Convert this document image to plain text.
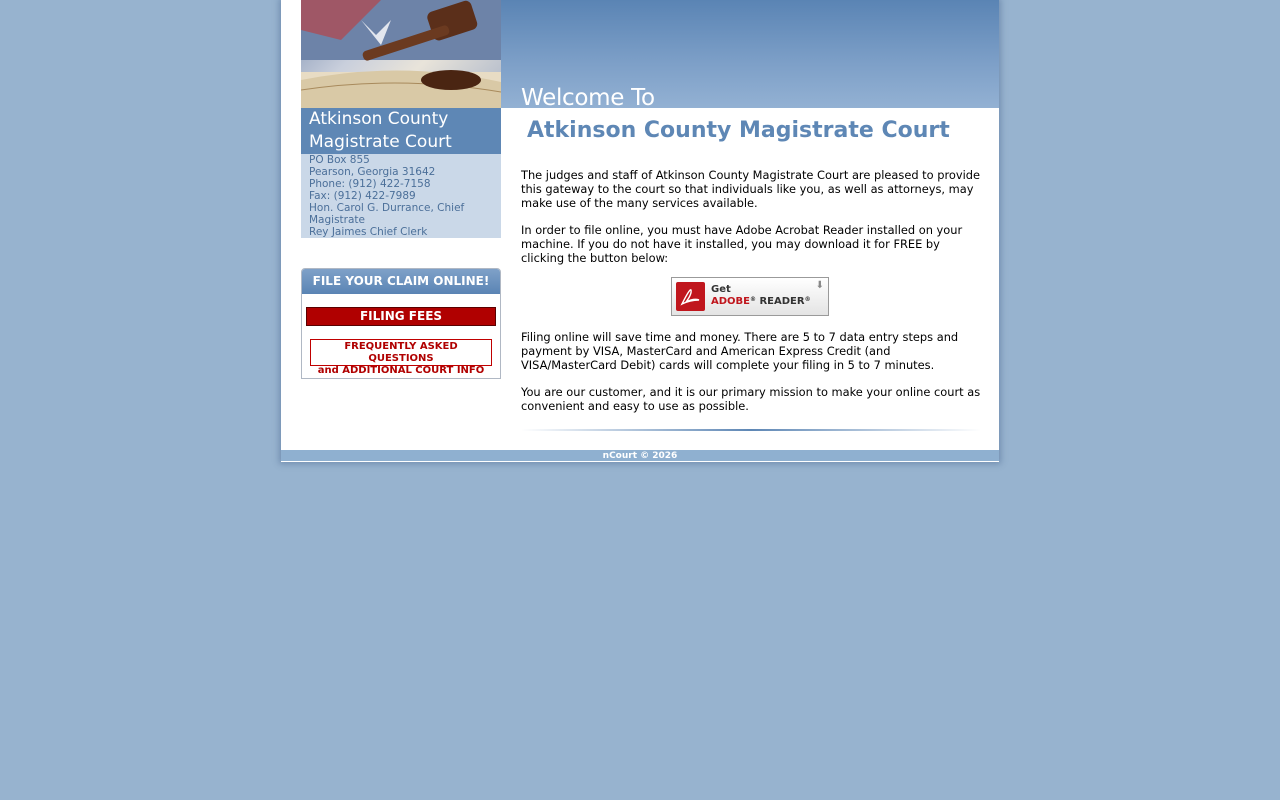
Welcome To
Atkinson County
Magistrate Court
PO Box 855
Pearson, Georgia 31642
Phone: (912) 422-7158
Fax: (912) 422-7989
Hon. Carol G. Durrance, Chief Magistrate
Rey Jaimes Chief Clerk
FILE YOUR CLAIM ONLINE!
FILING FEES
FREQUENTLY ASKED QUESTIONS
and ADDITIONAL COURT INFO
Atkinson County Magistrate Court
The judges and staff of Atkinson County Magistrate Court are pleased to provide this gateway to the court so that individuals like you, as well as attorneys, may make use of the many services available.
In order to file online, you must have Adobe Acrobat Reader installed on your machine. If you do not have it installed, you may download it for FREE by clicking the button below:
Get
ADOBE® READER®
⬇
Filing online will save time and money. There are 5 to 7 data entry steps and payment by VISA, MasterCard and American Express Credit (and VISA/MasterCard Debit) cards will complete your filing in 5 to 7 minutes.
You are our customer, and it is our primary mission to make your online court as convenient and easy to use as possible.
nCourt © 2026
